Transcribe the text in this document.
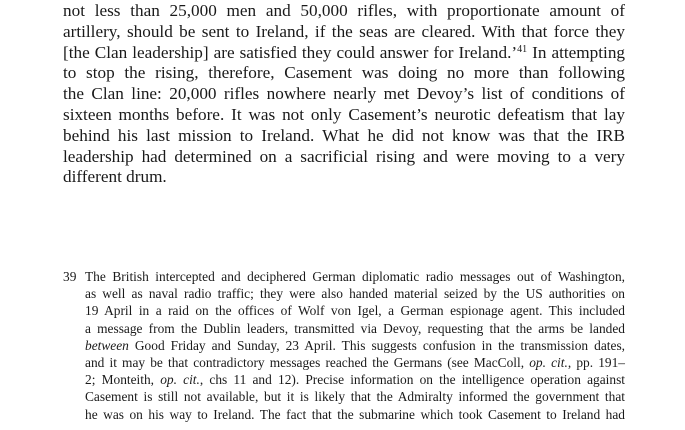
not less than 25,000 men and 50,000 rifles, with proportionate amount of
artillery, should be sent to Ireland, if the seas are cleared. With that force they
[the Clan leadership] are satisfied they could answer for Ireland.’$^{41}$ In attempting
to stop the rising, therefore, Casement was doing no more than following
the Clan line: 20,000 rifles nowhere nearly met Devoy’s list of conditions of
sixteen months before. It was not only Casement’s neurotic defeatism that lay
behind his last mission to Ireland. What he did not know was that the IRB
leadership had determined on a sacrificial rising and were moving to a very
different drum.
39 The British intercepted and deciphered German diplomatic radio messages out of Washington,
as well as naval radio traffic; they were also handed material seized by the US authorities on
19 April in a raid on the offices of Wolf von Igel, a German espionage agent. This included
a message from the Dublin leaders, transmitted via Devoy, requesting that the arms be landed
between Good Friday and Sunday, 23 April. This suggests confusion in the transmission dates,
and it may be that contradictory messages reached the Germans (see MacColl, op. cit., pp. 191–
2; Monteith, op. cit., chs 11 and 12). Precise information on the intelligence operation against
Casement is still not available, but it is likely that the Admiralty informed the government that
he was on his way to Ireland. The fact that the submarine which took Casement to Ireland had
